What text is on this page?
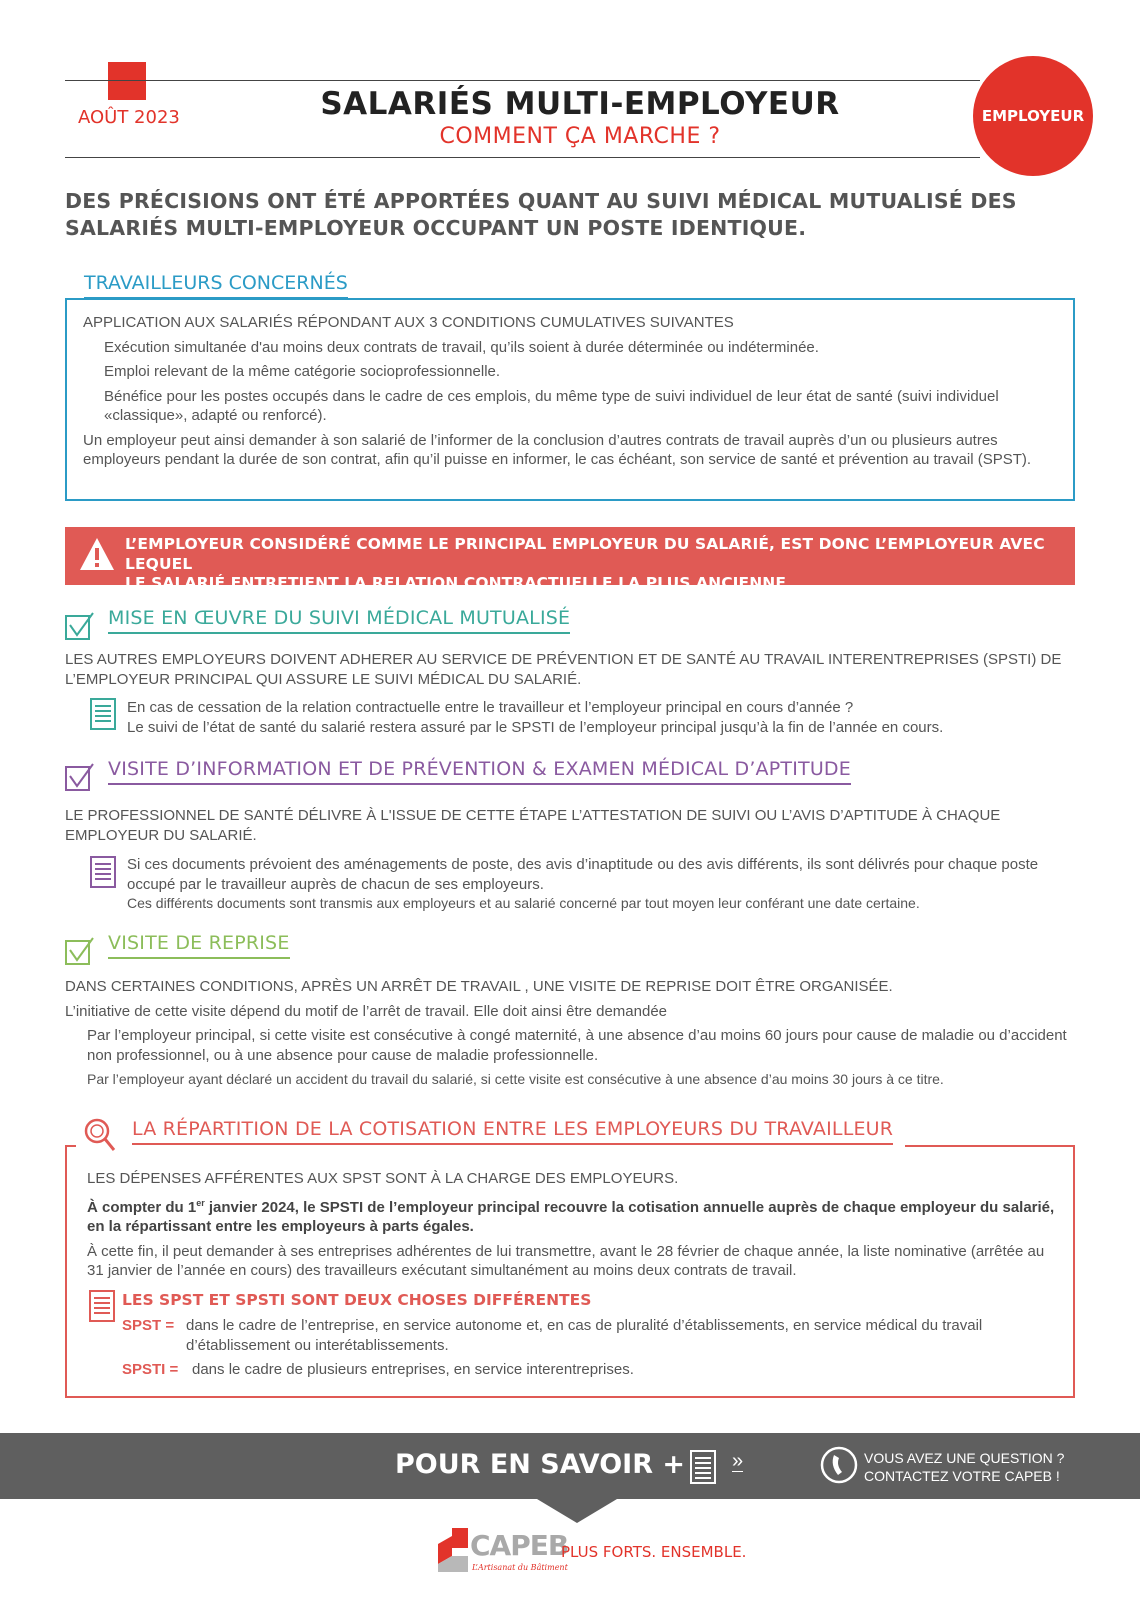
AOÛT 2023	SALARIÉS MULTI-EMPLOYEUR
COMMENT ÇA MARCHE ?
EMPLOYEUR
DES PRÉCISIONS ONT ÉTÉ APPORTÉES QUANT AU SUIVI MÉDICAL MUTUALISÉ DES SALARIÉS MULTI-EMPLOYEUR OCCUPANT UN POSTE IDENTIQUE.
TRAVAILLEURS CONCERNÉS
APPLICATION AUX SALARIÉS RÉPONDANT AUX 3 CONDITIONS CUMULATIVES SUIVANTES
Exécution simultanée d'au moins deux contrats de travail, qu’ils soient à durée déterminée ou indéterminée.
Emploi relevant de la même catégorie socioprofessionnelle.
Bénéfice pour les postes occupés dans le cadre de ces emplois, du même type de suivi individuel de leur état de santé (suivi individuel «classique», adapté ou renforcé).
Un employeur peut ainsi demander à son salarié de l’informer de la conclusion d’autres contrats de travail auprès d’un ou plusieurs autres employeurs pendant la durée de son contrat, afin qu’il puisse en informer, le cas échéant, son service de santé et prévention au travail (SPST).
L’EMPLOYEUR CONSIDÉRÉ COMME LE PRINCIPAL EMPLOYEUR DU SALARIÉ, EST DONC L’EMPLOYEUR AVEC LEQUEL
LE SALARIÉ ENTRETIENT LA RELATION CONTRACTUELLE LA PLUS ANCIENNE.
MISE EN ŒUVRE DU SUIVI MÉDICAL MUTUALISÉ
LES AUTRES EMPLOYEURS DOIVENT ADHERER AU SERVICE DE PRÉVENTION ET DE SANTÉ AU TRAVAIL INTERENTREPRISES (SPSTI) DE L’EMPLOYEUR PRINCIPAL QUI ASSURE LE SUIVI MÉDICAL DU SALARIÉ.
En cas de cessation de la relation contractuelle entre le travailleur et l’employeur principal en cours d’année ?
Le suivi de l’état de santé du salarié restera assuré par le SPSTI de l’employeur principal jusqu’à la fin de l’année en cours.
VISITE D’INFORMATION ET DE PRÉVENTION & EXAMEN MÉDICAL D’APTITUDE
LE PROFESSIONNEL DE SANTÉ DÉLIVRE À L'ISSUE DE CETTE ÉTAPE L’ATTESTATION DE SUIVI OU L’AVIS D’APTITUDE À CHAQUE EMPLOYEUR DU SALARIÉ.
Si ces documents prévoient des aménagements de poste, des avis d’inaptitude ou des avis différents, ils sont délivrés pour chaque poste occupé par le travailleur auprès de chacun de ses employeurs.
Ces différents documents sont transmis aux employeurs et au salarié concerné par tout moyen leur conférant une date certaine.
VISITE DE REPRISE
DANS CERTAINES CONDITIONS, APRÈS UN ARRÊT DE TRAVAIL , UNE VISITE DE REPRISE DOIT ÊTRE ORGANISÉE.
L’initiative de cette visite dépend du motif de l’arrêt de travail. Elle doit ainsi être demandée
Par l’employeur principal, si cette visite est consécutive à congé maternité, à une absence d’au moins 60 jours pour cause de maladie ou d’accident non professionnel, ou à une absence pour cause de maladie professionnelle.
Par l’employeur ayant déclaré un accident du travail du salarié, si cette visite est consécutive à une absence d’au moins 30 jours à ce titre.
LA RÉPARTITION DE LA COTISATION ENTRE LES EMPLOYEURS DU TRAVAILLEUR
LES DÉPENSES AFFÉRENTES AUX SPST SONT À LA CHARGE DES EMPLOYEURS.
À compter du 1er janvier 2024, le SPSTI de l’employeur principal recouvre la cotisation annuelle auprès de chaque employeur du salarié, en la répartissant entre les employeurs à parts égales.
À cette fin, il peut demander à ses entreprises adhérentes de lui transmettre, avant le 28 février de chaque année, la liste nominative (arrêtée au 31 janvier de l’année en cours) des travailleurs exécutant simultanément au moins deux contrats de travail.
LES SPST ET SPSTI SONT DEUX CHOSES DIFFÉRENTES
SPST = dans le cadre de l’entreprise, en service autonome et, en cas de pluralité d’établissements, en service médical du travail d’établissement ou interétablissements.
SPSTI = dans le cadre de plusieurs entreprises, en service interentreprises.
POUR EN SAVOIR + »	VOUS AVEZ UNE QUESTION ?
CONTACTEZ VOTRE CAPEB !
CAPEB
L’Artisanat du Bâtiment
PLUS FORTS. ENSEMBLE.
